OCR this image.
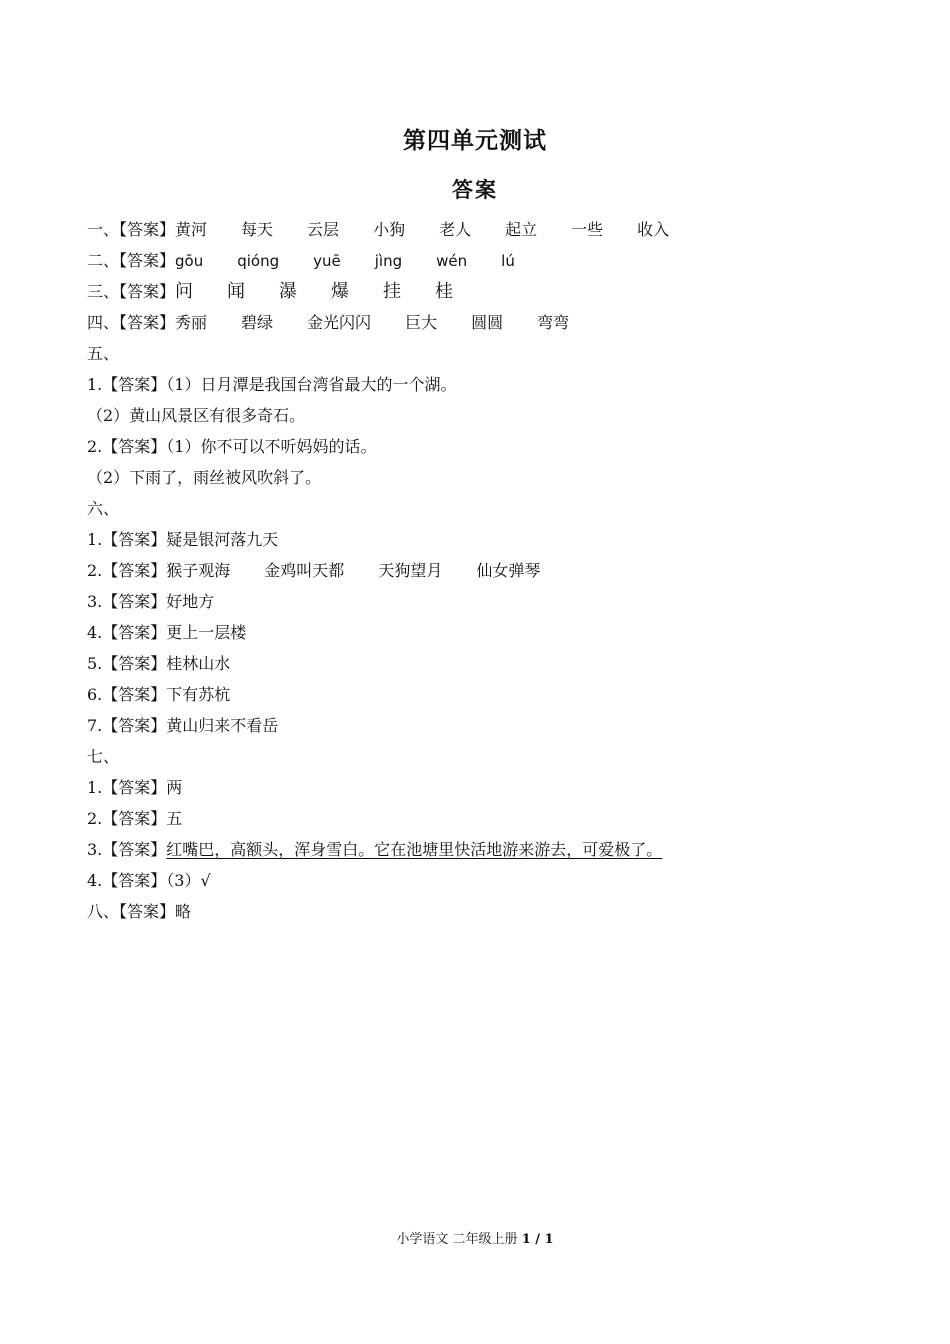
第四单元测试
答案
一、【答案】黄河 每天 云层 小狗 老人 起立 一些 收入
二、【答案】gōu qióng yuē jìng wén lú
三、【答案】问 闻 瀑 爆 挂 桂
四、【答案】秀丽 碧绿 金光闪闪 巨大 圆圆 弯弯
五、
1.【答案】（1）日月潭是我国台湾省最大的一个湖。
（2）黄山风景区有很多奇石。
2.【答案】（1）你不可以不听妈妈的话。
（2）下雨了，雨丝被风吹斜了。
六、
1.【答案】疑是银河落九天
2.【答案】猴子观海 金鸡叫天都 天狗望月 仙女弹琴
3.【答案】好地方
4.【答案】更上一层楼
5.【答案】桂林山水
6.【答案】下有苏杭
7.【答案】黄山归来不看岳
七、
1.【答案】两
2.【答案】五
3.【答案】红嘴巴，高额头，浑身雪白。它在池塘里快活地游来游去，可爱极了。
4.【答案】（3）√
八、【答案】略
小学语文 二年级上册 1 / 1
